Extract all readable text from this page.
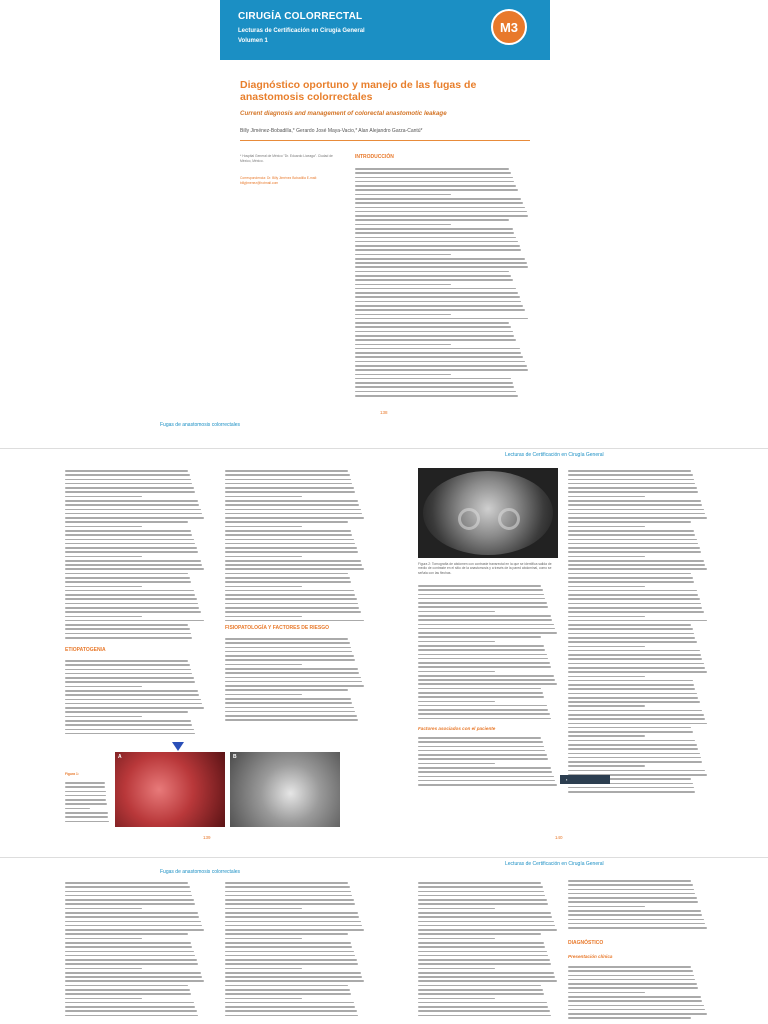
CIRUGÍA COLORRECTAL
Lecturas de Certificación en Cirugía General
Volumen 1
M3
Diagnóstico oportuno y manejo de las fugas de anastomosis colorrectales
Current diagnosis and management of colorectal anastomotic leakage
Billy Jiménez-Bobadilla,* Gerardo José Maya-Vacio,* Alan Alejandro Garza-Cantú*
* Hospital General de México "Dr. Eduardo Liceaga". Ciudad de México, México.
Correspondencia: Dr. Billy Jiménez Bobadilla E-mail: billyjimenez@hotmail.com
INTRODUCCIÓN
138
Fugas de anastomosis colorrectales
Lecturas de Certificación en Cirugía General
ETIOPATOGENIA
FISIOPATOLOGÍA Y FACTORES DE RIESGO
Figura 1:
A	B
139
Figura 2: Tomografía de abdomen con contraste transrectal en la que se identifica salida de medio de contraste en el sitio de la anastomosis y a través de la pared abdominal, como se señala con las flechas.
Factores asociados con el paciente
140
▪
Fugas de anastomosis colorrectales
Lecturas de Certificación en Cirugía General
DIAGNÓSTICO
Presentación clínica
